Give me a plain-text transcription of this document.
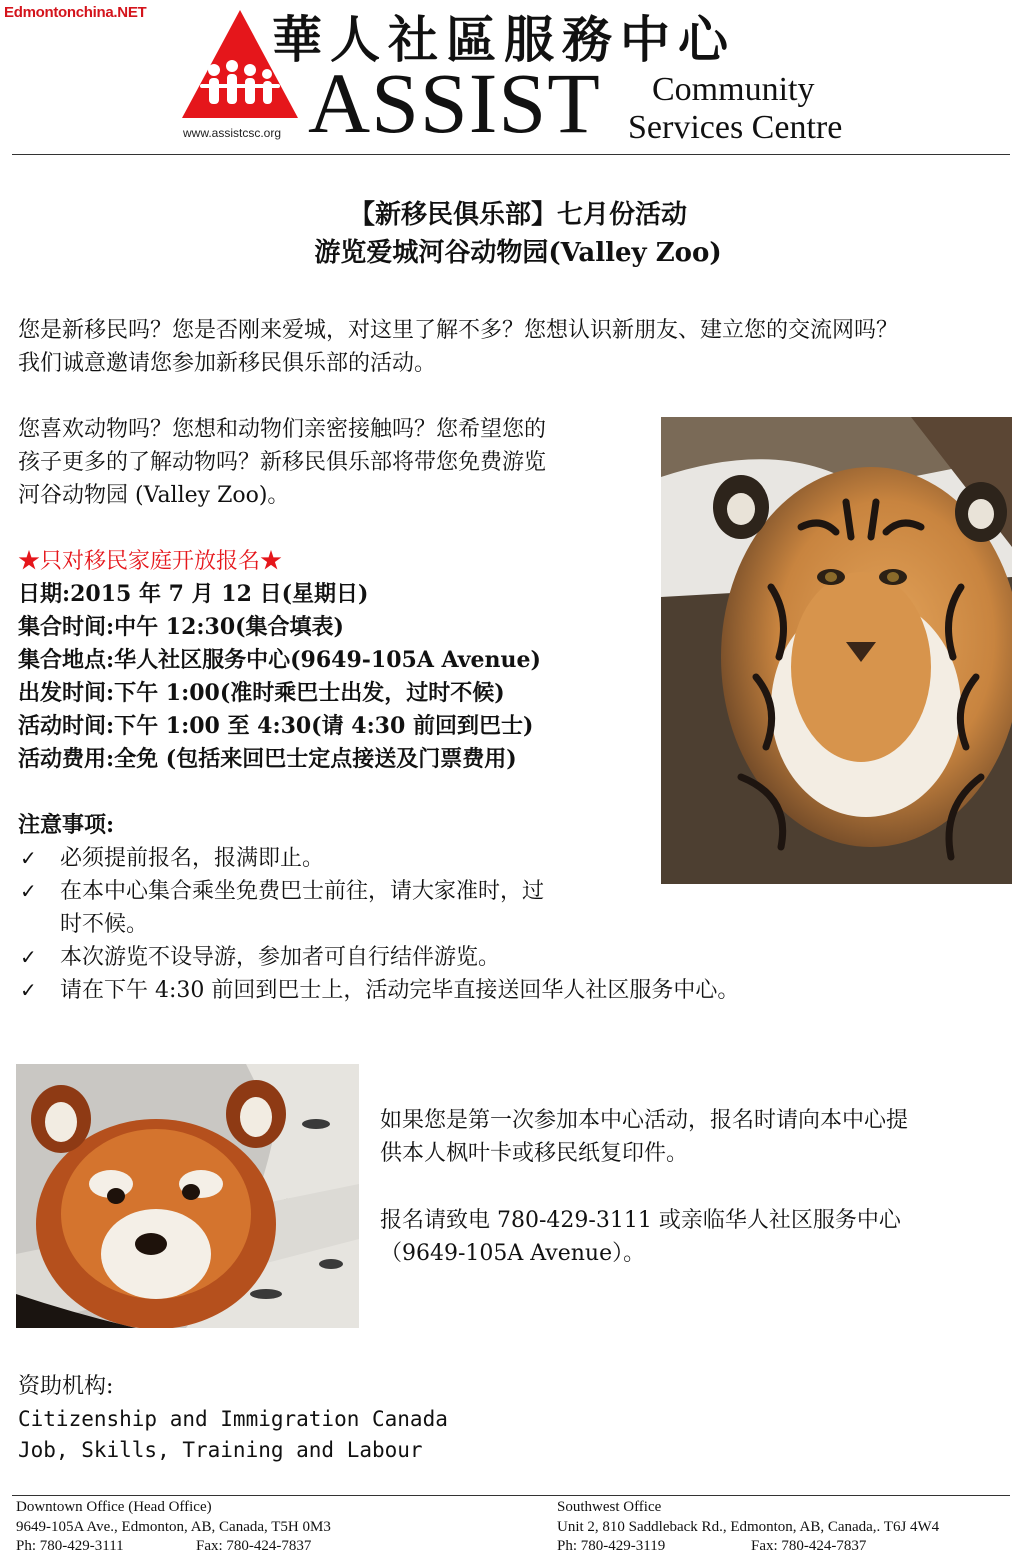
Edmontonchina.NET
www.assistcsc.org
華人社區服務中心
ASSIST Community
Services Centre
【新移民俱乐部】七月份活动
游览爱城河谷动物园(Valley Zoo)
您是新移民吗？您是否刚来爱城，对这里了解不多？您想认识新朋友、建立您的交流网吗？
我们诚意邀请您参加新移民俱乐部的活动。
您喜欢动物吗？您想和动物们亲密接触吗？您希望您的
孩子更多的了解动物吗？新移民俱乐部将带您免费游览
河谷动物园 (Valley Zoo)。
★只对移民家庭开放报名★
日期:2015 年 7 月 12 日(星期日)
集合时间:中午 12:30(集合填表)
集合地点:华人社区服务中心(9649-105A Avenue)
出发时间:下午 1:00(准时乘巴士出发，过时不候)
活动时间:下午 1:00 至 4:30(请 4:30 前回到巴士)
活动费用:全免 (包括来回巴士定点接送及门票费用)
注意事项:
✓ 必须提前报名，报满即止。
✓ 在本中心集合乘坐免费巴士前往，请大家准时，过
时不候。
✓ 本次游览不设导游，参加者可自行结伴游览。
✓ 请在下午 4:30 前回到巴士上，活动完毕直接送回华人社区服务中心。
如果您是第一次参加本中心活动，报名时请向本中心提
供本人枫叶卡或移民纸复印件。
报名请致电 780-429-3111 或亲临华人社区服务中心
（9649-105A Avenue）。
资助机构:
Citizenship and Immigration Canada
Job, Skills, Training and Labour
Downtown Office (Head Office)
9649-105A Ave., Edmonton, AB, Canada, T5H 0M3
Ph: 780-429-3111	Fax: 780-424-7837
Southwest Office
Unit 2, 810 Saddleback Rd., Edmonton, AB, Canada,. T6J 4W4
Ph: 780-429-3119	Fax: 780-424-7837
